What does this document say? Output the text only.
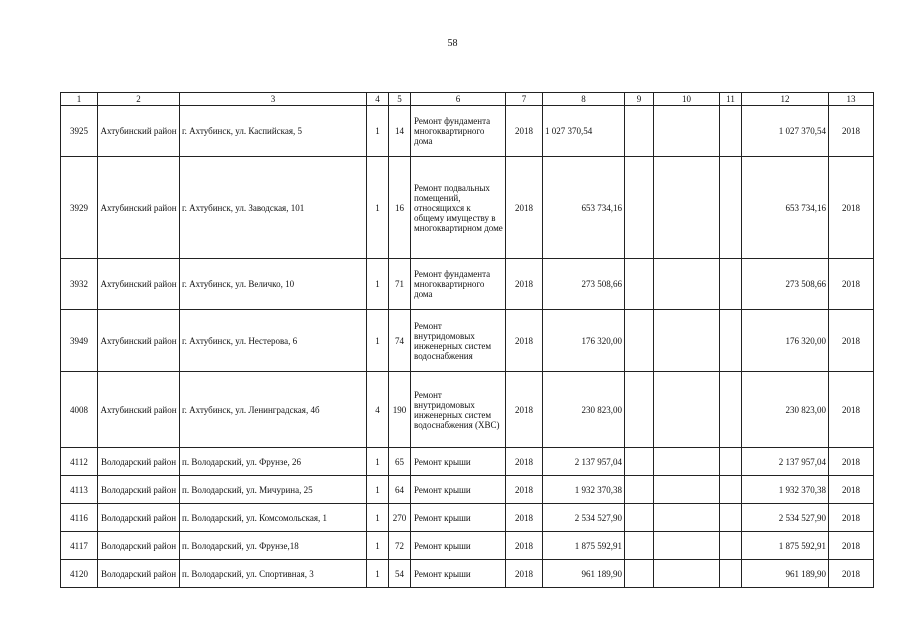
58
1	2	3	4	5	6	7	8	9	10	11	12	13
3925	Ахтубинский район	г. Ахтубинск, ул. Каспийская, 5	1	14	Ремонт фундамента многоквартирного дома	2018	1 027 370,54				1 027 370,54	2018
3929	Ахтубинский район	г. Ахтубинск, ул. Заводская, 101	1	16	Ремонт подвальных помещений, относящихся к общему имуществу в многоквартирном доме	2018	653 734,16				653 734,16	2018
3932	Ахтубинский район	г. Ахтубинск, ул. Величко, 10	1	71	Ремонт фундамента многоквартирного дома	2018	273 508,66				273 508,66	2018
3949	Ахтубинский район	г. Ахтубинск, ул. Нестерова, 6	1	74	Ремонт внутридомовых инженерных систем водоснабжения	2018	176 320,00				176 320,00	2018
4008	Ахтубинский район	г. Ахтубинск, ул. Ленинградская, 4б	4	190	Ремонт внутридомовых инженерных систем водоснабжения (ХВС)	2018	230 823,00				230 823,00	2018
4112	Володарский район	п. Володарский, ул. Фрунзе, 26	1	65	Ремонт крыши	2018	2 137 957,04				2 137 957,04	2018
4113	Володарский район	п. Володарский, ул. Мичурина, 25	1	64	Ремонт крыши	2018	1 932 370,38				1 932 370,38	2018
4116	Володарский район	п. Володарский, ул. Комсомольская, 1	1	270	Ремонт крыши	2018	2 534 527,90				2 534 527,90	2018
4117	Володарский район	п. Володарский, ул. Фрунзе,18	1	72	Ремонт крыши	2018	1 875 592,91				1 875 592,91	2018
4120	Володарский район	п. Володарский, ул. Спортивная, 3	1	54	Ремонт крыши	2018	961 189,90				961 189,90	2018
